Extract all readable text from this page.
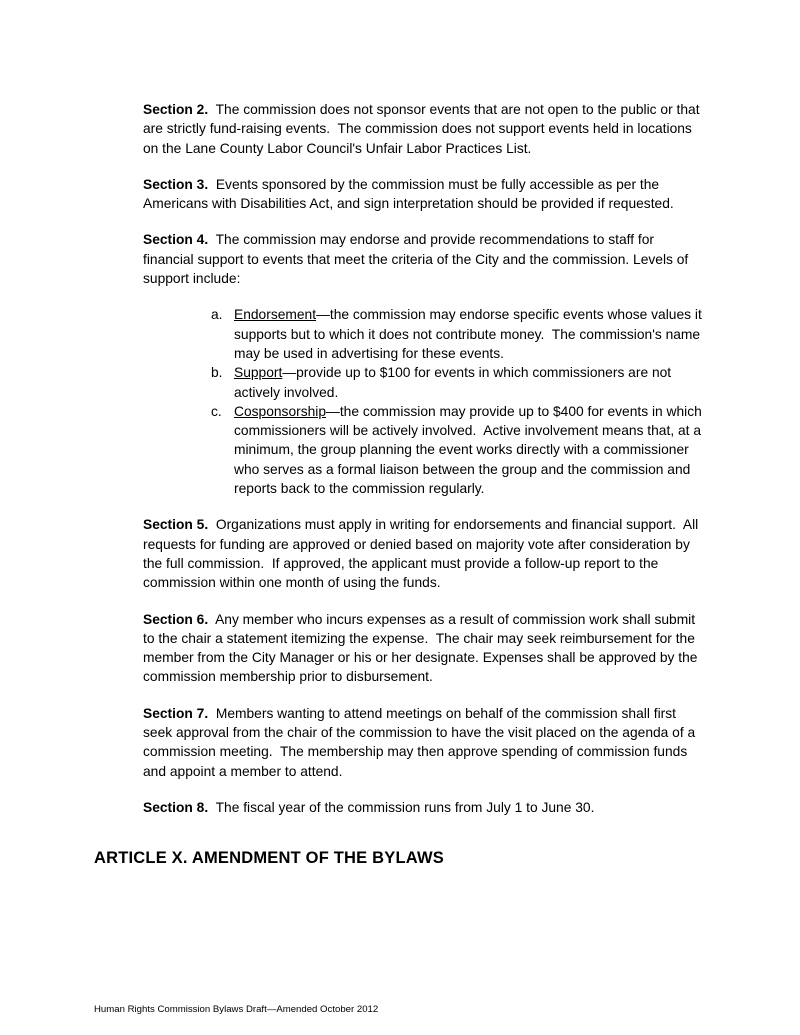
Section 2.  The commission does not sponsor events that are not open to the public or that are strictly fund-raising events.  The commission does not support events held in locations on the Lane County Labor Council's Unfair Labor Practices List.

Section 3.  Events sponsored by the commission must be fully accessible as per the Americans with Disabilities Act, and sign interpretation should be provided if requested.

Section 4.  The commission may endorse and provide recommendations to staff for financial support to events that meet the criteria of the City and the commission. Levels of support include:

a. Endorsement—the commission may endorse specific events whose values it supports but to which it does not contribute money.  The commission's name may be used in advertising for these events.
b. Support—provide up to $100 for events in which commissioners are not actively involved.
c. Cosponsorship—the commission may provide up to $400 for events in which commissioners will be actively involved.  Active involvement means that, at a minimum, the group planning the event works directly with a commissioner who serves as a formal liaison between the group and the commission and reports back to the commission regularly.

Section 5.  Organizations must apply in writing for endorsements and financial support.  All requests for funding are approved or denied based on majority vote after consideration by the full commission.  If approved, the applicant must provide a follow-up report to the commission within one month of using the funds.

Section 6.  Any member who incurs expenses as a result of commission work shall submit to the chair a statement itemizing the expense.  The chair may seek reimbursement for the member from the City Manager or his or her designate. Expenses shall be approved by the commission membership prior to disbursement.

Section 7.  Members wanting to attend meetings on behalf of the commission shall first seek approval from the chair of the commission to have the visit placed on the agenda of a commission meeting.  The membership may then approve spending of commission funds and appoint a member to attend.

Section 8.  The fiscal year of the commission runs from July 1 to June 30.

ARTICLE X. AMENDMENT OF THE BYLAWS
Human Rights Commission Bylaws Draft—Amended October 2012
